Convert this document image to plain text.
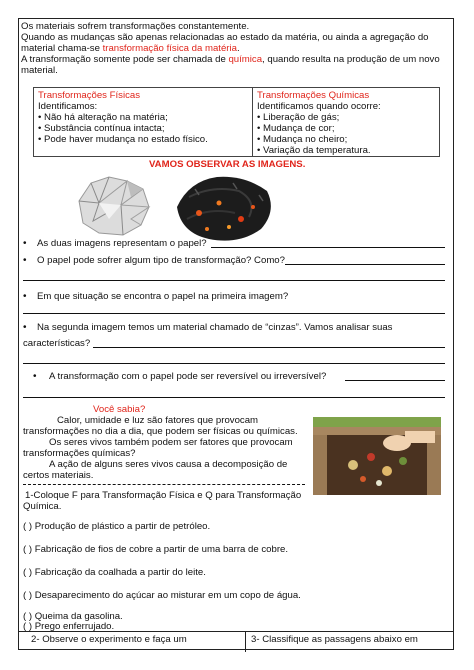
Os materiais sofrem transformações constantemente.
Quando as mudanças são apenas relacionadas ao estado da matéria, ou ainda a agregação do
material chama-se transformação física da matéria.
A transformação somente pode ser chamada de química, quando resulta na produção de um novo
material.
Transformações Físicas
Identificamos:
• Não há alteração na matéria;
• Substância contínua intacta;
• Pode haver mudança no estado físico.
Transformações Químicas
Identificamos quando ocorre:
• Liberação de gás;
• Mudança de cor;
• Mudança no cheiro;
• Variação da temperatura.
VAMOS OBSERVAR AS IMAGENS.
• As duas imagens representam o papel?
• O papel pode sofrer algum tipo de transformação? Como?
• Em que situação se encontra o papel na primeira imagem?
• Na segunda imagem temos um material chamado de “cinzas”. Vamos analisar suas
características?
• A transformação com o papel pode ser reversível ou irreversível?
Você sabia?
Calor, umidade e luz são fatores que provocam
transformações no dia a dia, que podem ser físicas ou químicas.
Os seres vivos também podem ser fatores que provocam
transformações químicas?
A ação de alguns seres vivos causa a decomposição de
certos materiais.
1-Coloque F para Transformação Física e Q para Transformação
Química.
( ) Produção de plástico a partir de petróleo.
( ) Fabricação de fios de cobre a partir de uma barra de cobre.
( ) Fabricação da coalhada a partir do leite.
( ) Desaparecimento do açúcar ao misturar em um copo de água.
( ) Queima da gasolina.
( ) Prego enferrujado.
2- Observe o experimento e faça um	3- Classifique as passagens abaixo em
